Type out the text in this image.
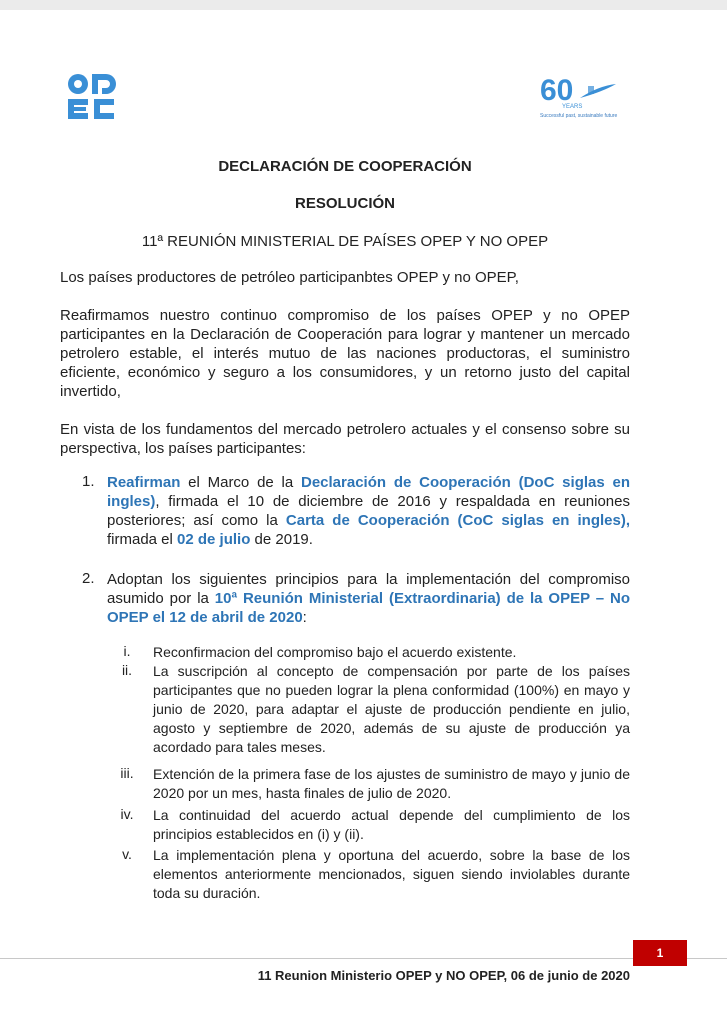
60
YEARS
Successful past, sustainable future
DECLARACIÓN DE COOPERACIÓN
RESOLUCIÓN
11ª REUNIÓN MINISTERIAL DE PAÍSES OPEP Y NO OPEP
Los países productores de petróleo participanbtes OPEP y no OPEP,
Reafirmamos nuestro continuo compromiso de los países OPEP y no OPEP participantes en la Declaración de Cooperación para lograr y mantener un mercado petrolero estable, el interés mutuo de las naciones productoras, el suministro eficiente, económico y seguro a los consumidores, y un retorno justo del capital invertido,
En vista de los fundamentos del mercado petrolero actuales y el consenso sobre su perspectiva, los países participantes:
1. Reafirman el Marco de la Declaración de Cooperación (DoC siglas en ingles), firmada el 10 de diciembre de 2016 y respaldada en reuniones posteriores; así como la Carta de Cooperación (CoC siglas en ingles), firmada el 02 de julio de 2019.
2. Adoptan los siguientes principios para la implementación del compromiso asumido por la 10ª Reunión Ministerial (Extraordinaria) de la OPEP – No OPEP el 12 de abril de 2020:
i.	Reconfirmacion del compromiso bajo el acuerdo existente.
ii.	La suscripción al concepto de compensación por parte de los países participantes que no pueden lograr la plena conformidad (100%) en mayo y junio de 2020, para adaptar el ajuste de producción pendiente en julio, agosto y septiembre de 2020, además de su ajuste de producción ya acordado para tales meses.
iii.	Extención de la primera fase de los ajustes de suministro de mayo y junio de 2020 por un mes, hasta finales de julio de 2020.
iv.	La continuidad del acuerdo actual depende del cumplimiento de los principios establecidos en (i) y (ii).
v.	La implementación plena y oportuna del acuerdo, sobre la base de los elementos anteriormente mencionados, siguen siendo inviolables durante toda su duración.
1
11 Reunion Ministerio OPEP y NO OPEP, 06 de junio de 2020
